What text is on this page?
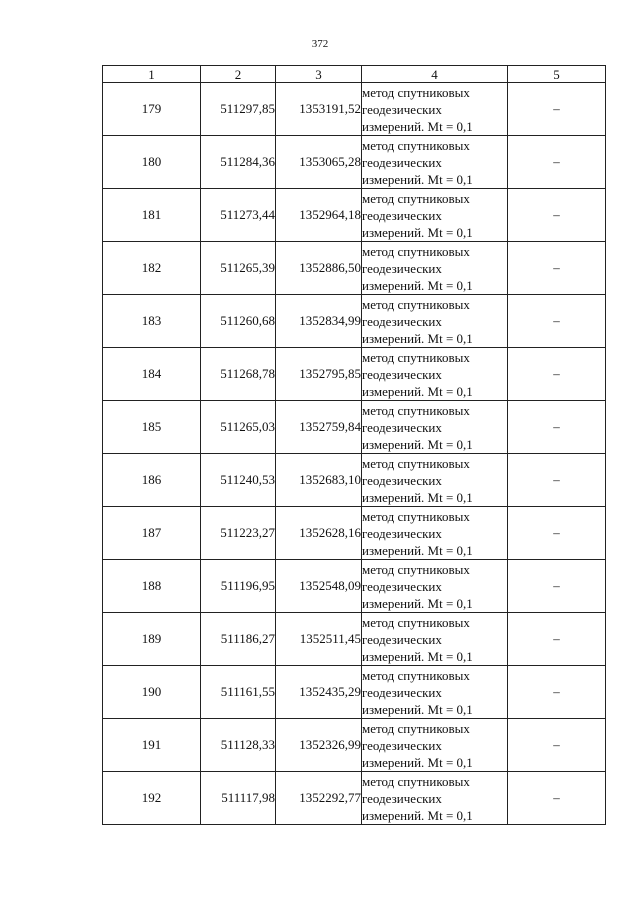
372
1	2	3	4	5
179	511297,85	1353191,52	метод спутниковых
геодезических
измерений. Mt = 0,1	–
180	511284,36	1353065,28	метод спутниковых
геодезических
измерений. Mt = 0,1	–
181	511273,44	1352964,18	метод спутниковых
геодезических
измерений. Mt = 0,1	–
182	511265,39	1352886,50	метод спутниковых
геодезических
измерений. Mt = 0,1	–
183	511260,68	1352834,99	метод спутниковых
геодезических
измерений. Mt = 0,1	–
184	511268,78	1352795,85	метод спутниковых
геодезических
измерений. Mt = 0,1	–
185	511265,03	1352759,84	метод спутниковых
геодезических
измерений. Mt = 0,1	–
186	511240,53	1352683,10	метод спутниковых
геодезических
измерений. Mt = 0,1	–
187	511223,27	1352628,16	метод спутниковых
геодезических
измерений. Mt = 0,1	–
188	511196,95	1352548,09	метод спутниковых
геодезических
измерений. Mt = 0,1	–
189	511186,27	1352511,45	метод спутниковых
геодезических
измерений. Mt = 0,1	–
190	511161,55	1352435,29	метод спутниковых
геодезических
измерений. Mt = 0,1	–
191	511128,33	1352326,99	метод спутниковых
геодезических
измерений. Mt = 0,1	–
192	511117,98	1352292,77	метод спутниковых
геодезических
измерений. Mt = 0,1	–
